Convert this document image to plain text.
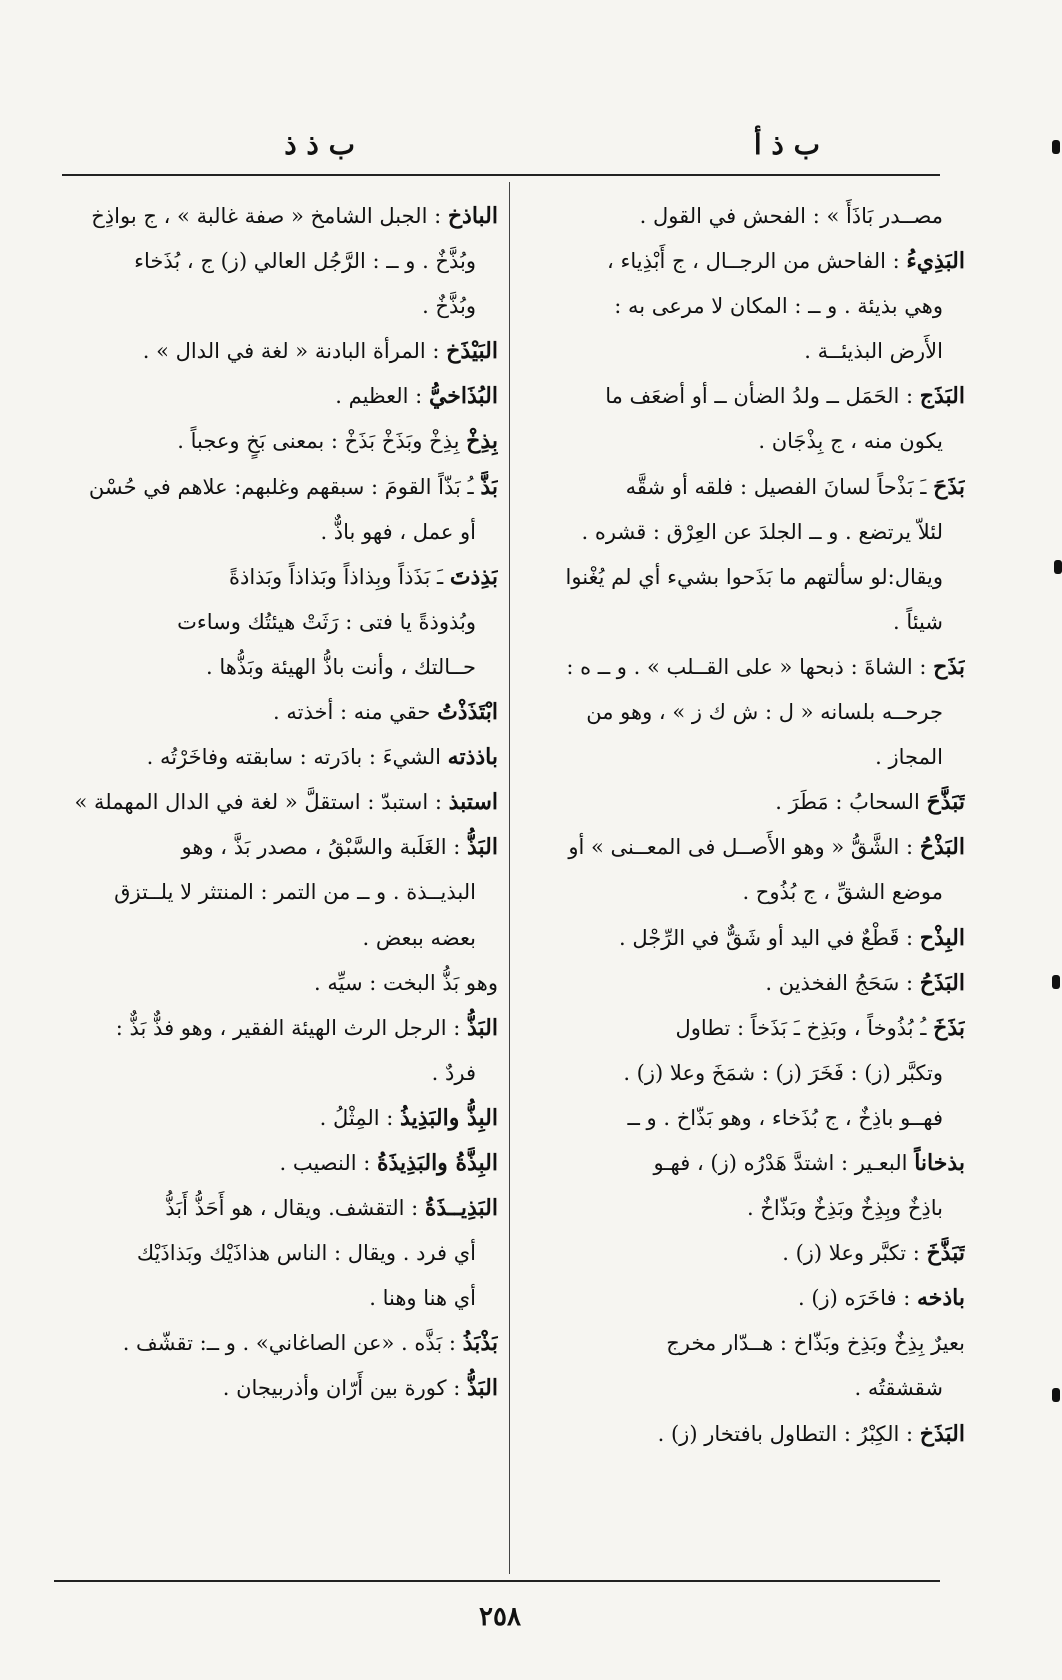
ب ذ أ
ب ذ ذ
مصــدر بَاذَأَ » : الفحش في القول .
البَذِيءُ : الفاحش من الرجــال ، ج أَبْذِياء ،
وهي بذيئة . و ــ : المكان لا مرعى به :
الأَرض البذيئــة .
البَذَج : الحَمَل ــ ولدُ الضأن ــ أو أضعَف ما
يكون منه ، ج بِذْجَان .
بَذَحَ ـَ بَذْحاً لسانَ الفصيل : فلقه أو شقَّه
لئلاّ يرتضع . و ــ الجلدَ عن العِرْق : قشره .
ويقال:لو سألتهم ما بَذَحوا بشيء أي لم يُغْنوا
شيئاً .
بَذَح : الشاةَ : ذبحها « على القــلب » . و ــ ه :
جرحــه بلسانه « ل : ش ك ز » ، وهو من
المجاز .
تَبَذَّحَ السحابُ : مَطَرَ .
البَذْحُ : الشَّقُّ « وهو الأَصــل فى المعــنى » أو
موضع الشقِّ ، ج بُذُوح .
البِذْح : قَطْعٌ في اليد أو شَقٌّ في الرِّجْل .
البَذَحُ : سَحَجُ الفخذين .
بَذَخَ ـُ بُذُوخاً ، وبَذِخ ـَ بَذَخاً : تطاول
وتكبَّر (ز) : فَخَرَ (ز) : شمَخَ وعلا (ز) .
فهــو باذِخٌ ، ج بُذَخاء ، وهو بَذّاخ . و ــ
بذخاناً البعـير : اشتدَّ هَدْرُه (ز) ، فهـو
باذِخٌ وبِذِخٌ وبَذِخٌ وبَذّاخٌ .
تَبَذَّخَ : تكبَّر وعلا (ز) .
باذخه : فاخَرَه (ز) .
بعيرٌ بِذِخٌ وبَذِخ وبَذّاخ : هــدّار مخرج
شقشقتُه .
البَذَخ : الكِبْرُ : التطاول بافتخار (ز) .
الباذخ : الجبل الشامخ « صفة غالبة » ، ج بواذِخ
وبُذَّخٌ . و ــ : الرَّجُل العالي (ز) ج ، بُذَخاء
وبُذَّخٌ .
البَيْذَخ : المرأة البادنة « لغة في الدال » .
البُذَاخيُّ : العظيم .
بِذِخْ بِذِخْ وبَذَخْ بَذَخْ : بمعنى بَخٍ وعجباً .
بَذَّ ـُ بَذّاً القومَ : سبقهم وغلبهم: علاهم في حُسْن
أو عمل ، فهو باذٌّ .
بَذِذتَ ـَ بَذَذاً وبِذاذاً وبَذاذاً وبَذاذةً
وبُذوذةً يا فتى : رَثَتْ هيئتُك وساءت
حــالتك ، وأنت باذُّ الهيئة وبَذُّها .
ابْتَذَذْتُ حقي منه : أخذته .
باذذته الشيءَ : بادَرته : سابقته وفاخَرْتُه .
استبذ : استبدّ : استقلَّ « لغة في الدال المهملة »
البَذُّ : الغَلَبة والسَّبْقُ ، مصدر بَذَّ ، وهو
البذيــذة . و ــ من التمر : المنتثر لا يلــتزق
بعضه ببعض .
وهو بَذُّ البخت : سيِّه .
البَذُّ : الرجل الرث الهيئة الفقير ، وهو فذٌّ بَذٌّ :
فردٌ .
البِذُّ والبَذِيذُ : المِثْلُ .
البِذَّةُ والبَذِيذَةُ : النصيب .
البَذِيــذَةُ : التقشف. ويقال ، هو أَحَذُّ أَبَذُّ
أي فرد . ويقال : الناس هذاذَيْك وبَذاذَيْك
أي هنا وهنا .
بَذْبَذُ : بَذَّه . «عن الصاغاني» . و ــ: تقشّف .
البَذُّ : كورة بين أَرّان وأذربيجان .
٢٥٨
